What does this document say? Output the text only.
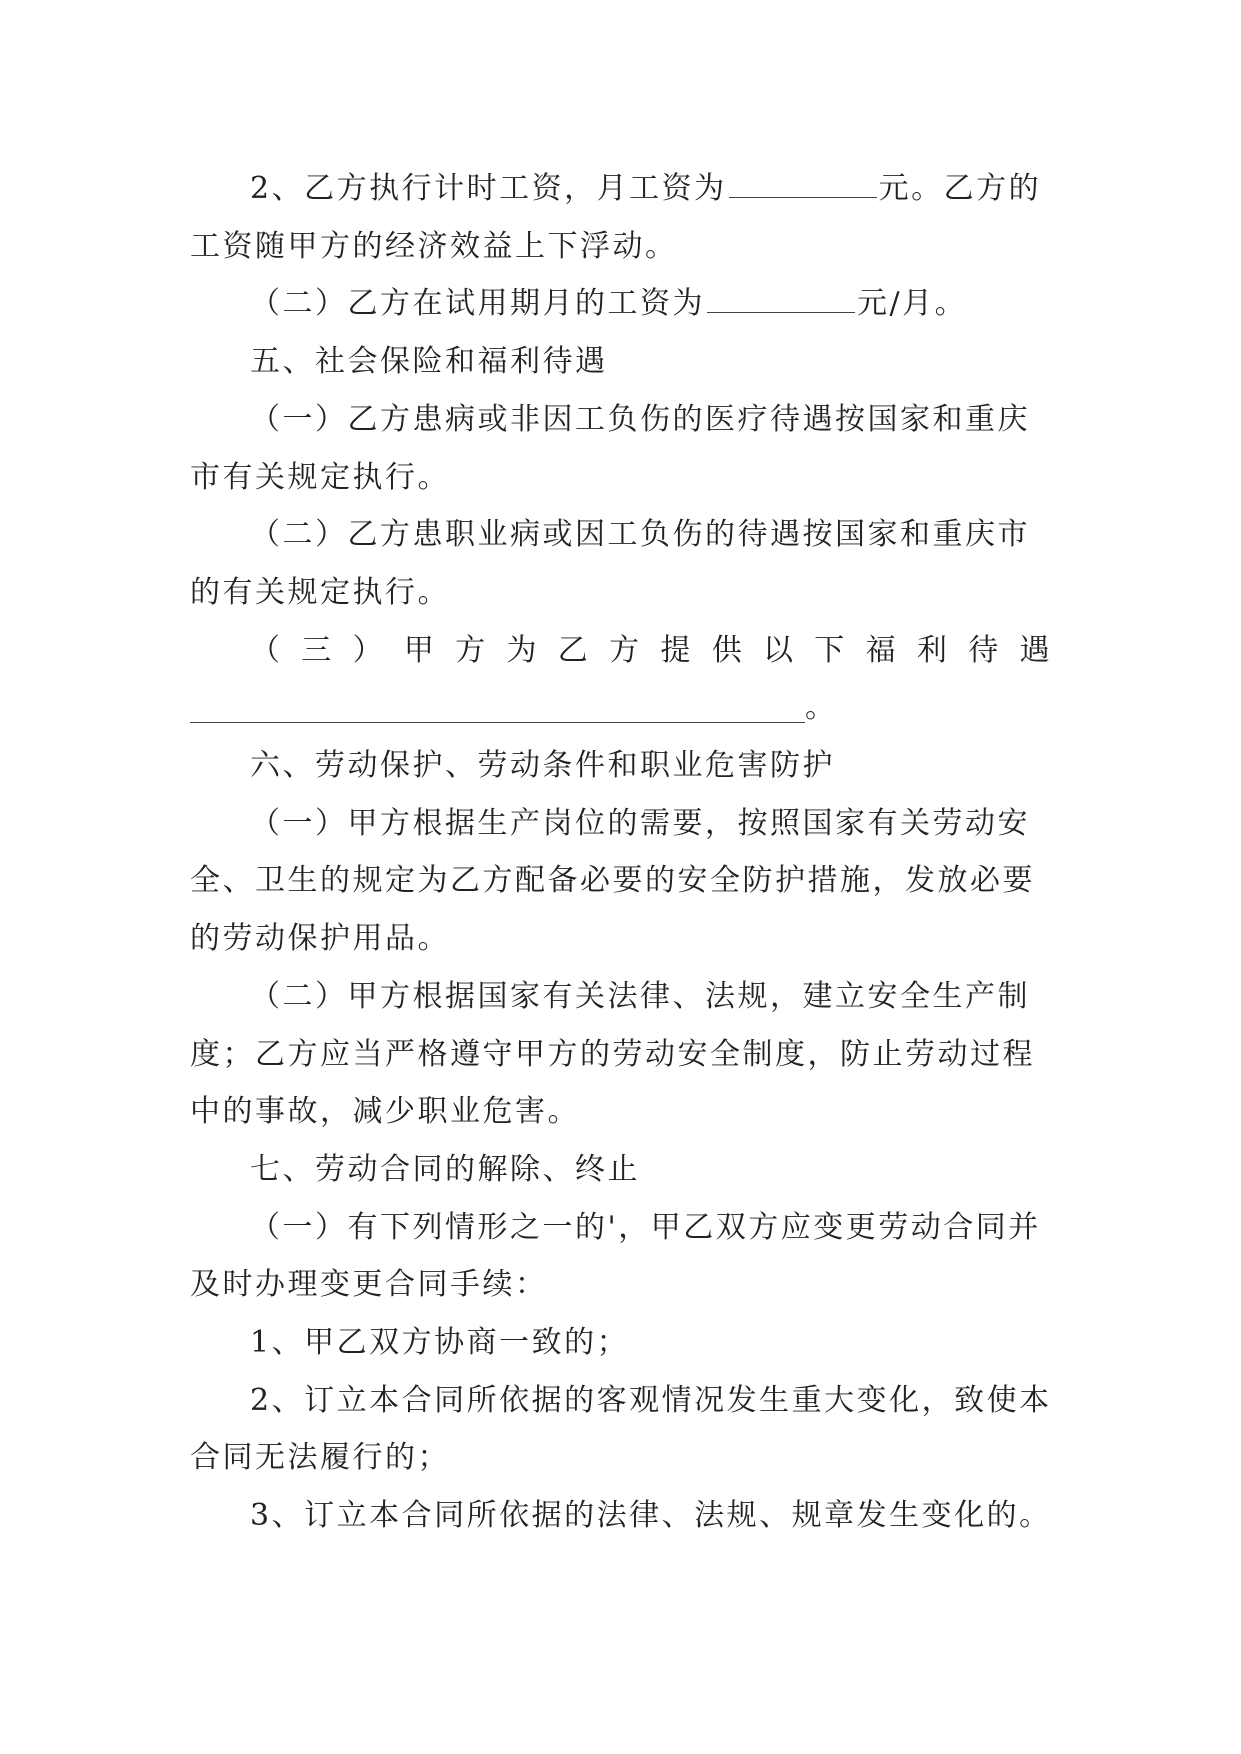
2、乙方执行计时工资，月工资为	元。乙方的工资随甲方的经济效益上下浮动。

（二）乙方在试用期月的工资为	元/月。

五、社会保险和福利待遇

（一）乙方患病或非因工负伤的医疗待遇按国家和重庆市有关规定执行。

（二）乙方患职业病或因工负伤的待遇按国家和重庆市的有关规定执行。

（三）甲方为乙方提供以下福利待遇

。

六、劳动保护、劳动条件和职业危害防护

（一）甲方根据生产岗位的需要，按照国家有关劳动安全、卫生的规定为乙方配备必要的安全防护措施，发放必要的劳动保护用品。

（二）甲方根据国家有关法律、法规，建立安全生产制度；乙方应当严格遵守甲方的劳动安全制度，防止劳动过程中的事故，减少职业危害。

七、劳动合同的解除、终止

（一）有下列情形之一的'，甲乙双方应变更劳动合同并及时办理变更合同手续：

1、甲乙双方协商一致的；

2、订立本合同所依据的客观情况发生重大变化，致使本合同无法履行的；

3、订立本合同所依据的法律、法规、规章发生变化的。
